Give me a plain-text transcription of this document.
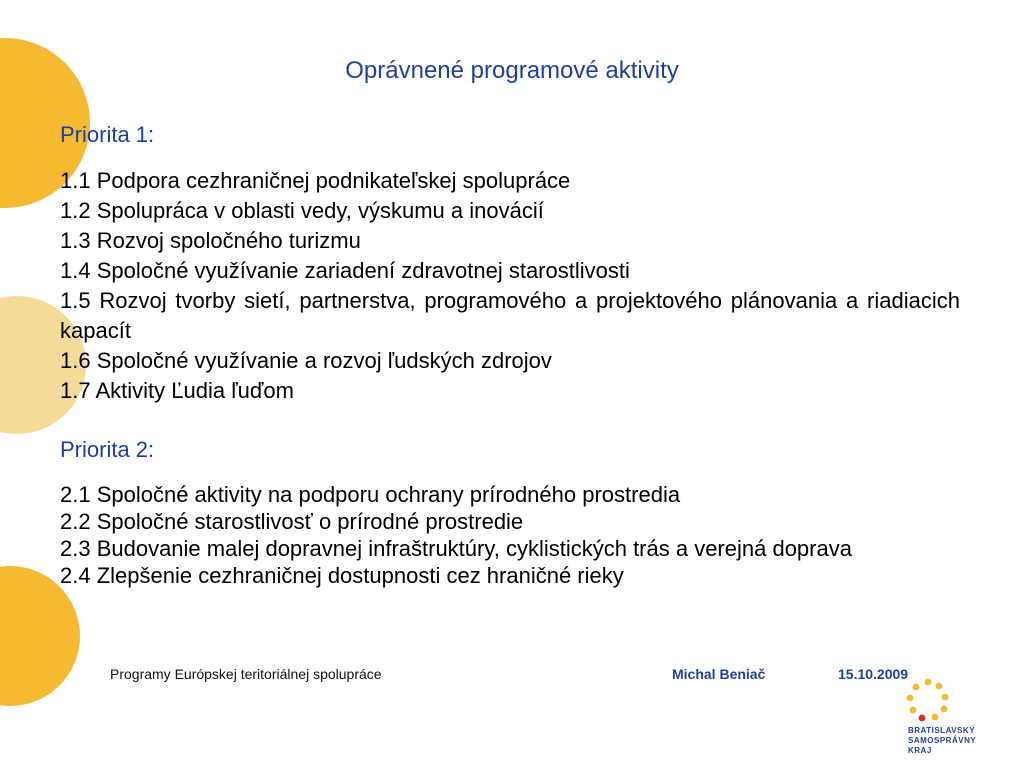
Oprávnené programové aktivity
Priorita 1:
1.1 Podpora cezhraničnej podnikateľskej spolupráce
1.2 Spolupráca v oblasti vedy, výskumu a inovácií
1.3 Rozvoj spoločného turizmu
1.4 Spoločné využívanie zariadení zdravotnej starostlivosti
1.5 Rozvoj tvorby sietí, partnerstva, programového a projektového plánovania a riadiacich kapacít
1.6 Spoločné využívanie a rozvoj ľudských zdrojov
1.7 Aktivity Ľudia ľuďom
Priorita 2:
2.1 Spoločné aktivity na podporu ochrany prírodného prostredia
2.2 Spoločné starostlivosť o prírodné prostredie
2.3 Budovanie malej dopravnej infraštruktúry, cyklistických trás a verejná doprava
2.4 Zlepšenie cezhraničnej dostupnosti cez hraničné rieky
Programy Európskej teritoriálnej spolupráce	Michal Beniač	15.10.2009
BRATISLAVSKÝ
SAMOSPRÁVNY
KRAJ
